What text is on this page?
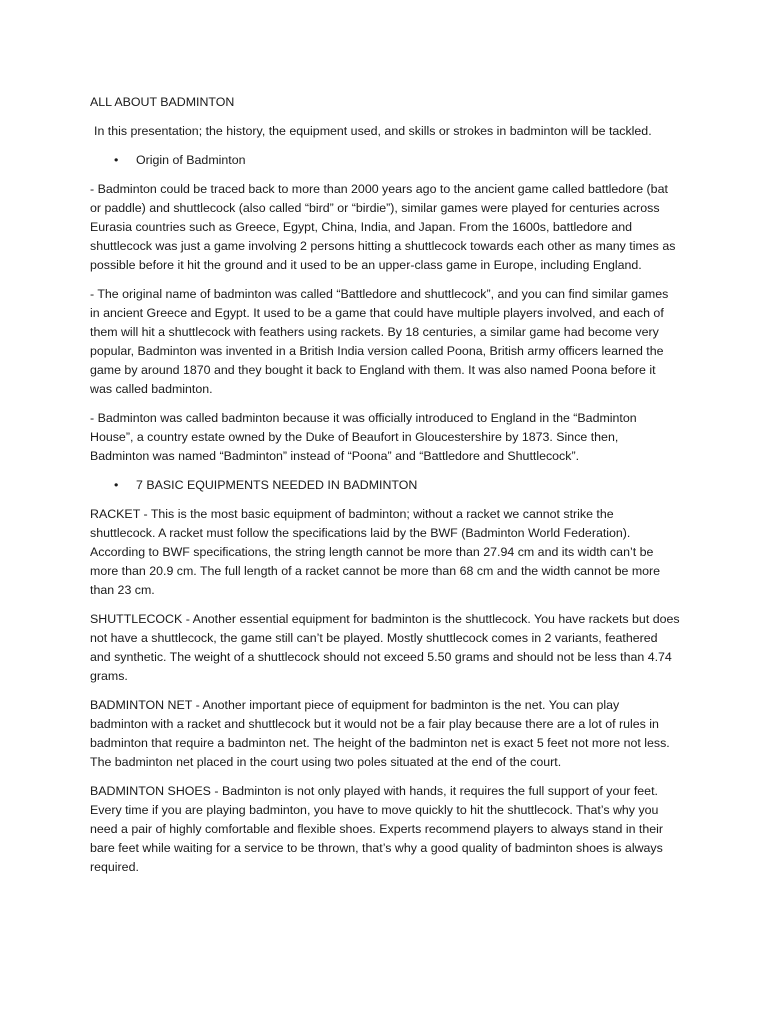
ALL ABOUT BADMINTON

In this presentation; the history, the equipment used, and skills or strokes in badminton will be tackled.

• Origin of Badminton

- Badminton could be traced back to more than 2000 years ago to the ancient game called battledore (bat or paddle) and shuttlecock (also called “bird” or “birdie”), similar games were played for centuries across Eurasia countries such as Greece, Egypt, China, India, and Japan. From the 1600s, battledore and shuttlecock was just a game involving 2 persons hitting a shuttlecock towards each other as many times as possible before it hit the ground and it used to be an upper-class game in Europe, including England.

- The original name of badminton was called “Battledore and shuttlecock”, and you can find similar games in ancient Greece and Egypt. It used to be a game that could have multiple players involved, and each of them will hit a shuttlecock with feathers using rackets. By 18 centuries, a similar game had become very popular, Badminton was invented in a British India version called Poona, British army officers learned the game by around 1870 and they bought it back to England with them. It was also named Poona before it was called badminton.

- Badminton was called badminton because it was officially introduced to England in the “Badminton House”, a country estate owned by the Duke of Beaufort in Gloucestershire by 1873. Since then, Badminton was named “Badminton” instead of “Poona” and “Battledore and Shuttlecock”.

• 7 BASIC EQUIPMENTS NEEDED IN BADMINTON

RACKET - This is the most basic equipment of badminton; without a racket we cannot strike the shuttlecock. A racket must follow the specifications laid by the BWF (Badminton World Federation). According to BWF specifications, the string length cannot be more than 27.94 cm and its width can’t be more than 20.9 cm. The full length of a racket cannot be more than 68 cm and the width cannot be more than 23 cm.

SHUTTLECOCK - Another essential equipment for badminton is the shuttlecock. You have rackets but does not have a shuttlecock, the game still can’t be played. Mostly shuttlecock comes in 2 variants, feathered and synthetic. The weight of a shuttlecock should not exceed 5.50 grams and should not be less than 4.74 grams.

BADMINTON NET - Another important piece of equipment for badminton is the net. You can play badminton with a racket and shuttlecock but it would not be a fair play because there are a lot of rules in badminton that require a badminton net. The height of the badminton net is exact 5 feet not more not less. The badminton net placed in the court using two poles situated at the end of the court.

BADMINTON SHOES - Badminton is not only played with hands, it requires the full support of your feet. Every time if you are playing badminton, you have to move quickly to hit the shuttlecock. That’s why you need a pair of highly comfortable and flexible shoes. Experts recommend players to always stand in their bare feet while waiting for a service to be thrown, that’s why a good quality of badminton shoes is always required.
